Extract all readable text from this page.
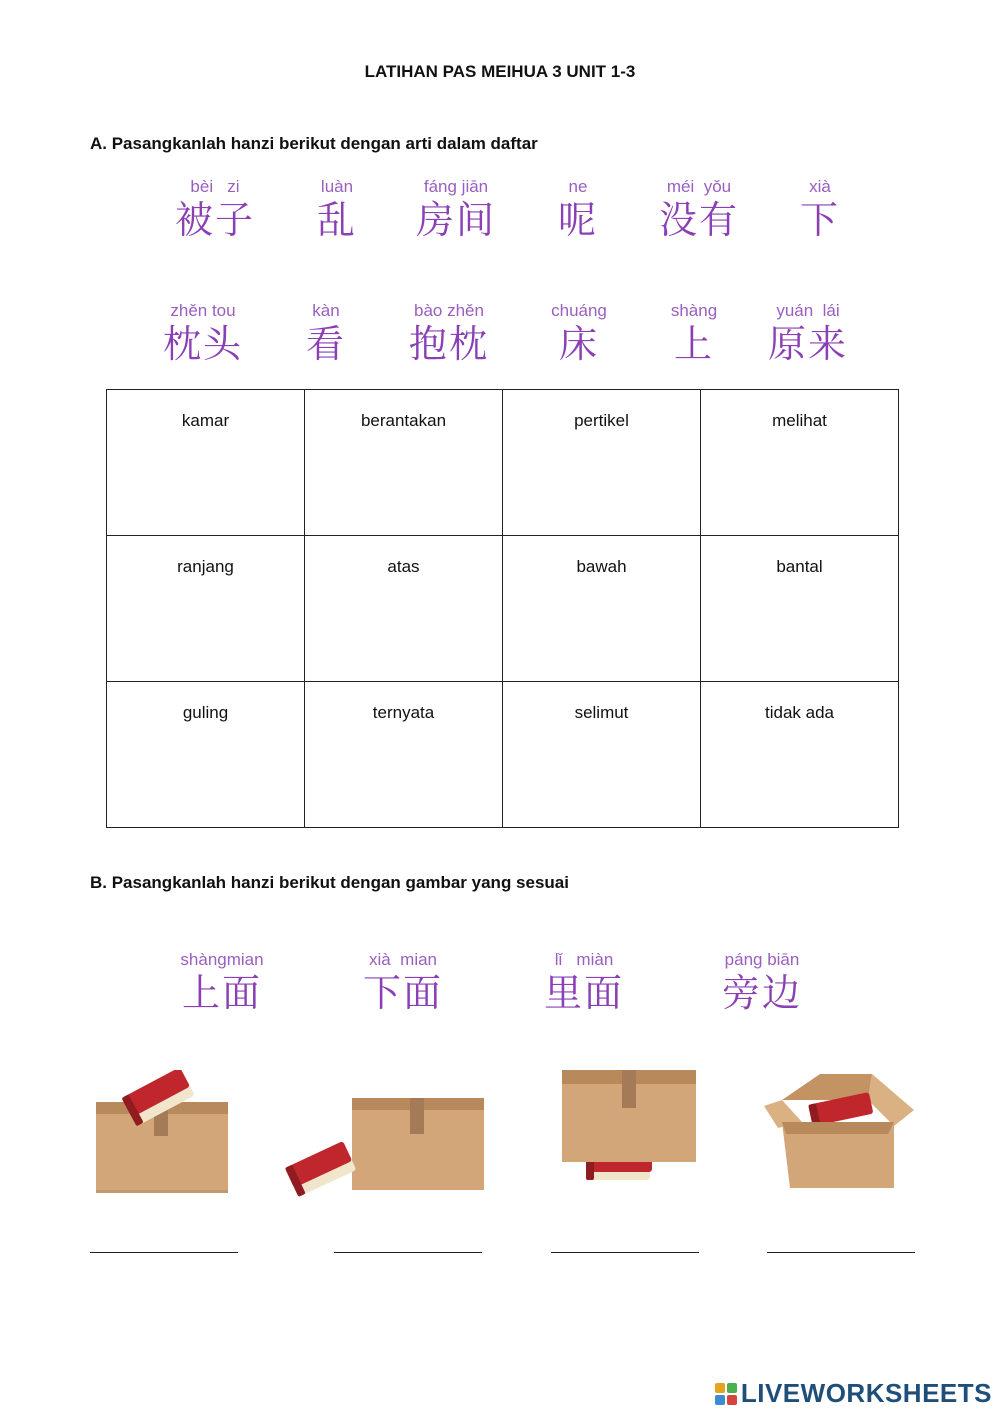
LATIHAN PAS MEIHUA 3 UNIT 1-3
A. Pasangkanlah hanzi berikut dengan arti dalam daftar
bèi   zi
被子
luàn
乱
fáng jiān
房间
ne
呢
méi  yǒu
没有
xià
下
zhěn tou
枕头
kàn
看
bào zhěn
抱枕
chuáng
床
shàng
上
yuán  lái
原来
kamar	berantakan	pertikel	melihat
ranjang	atas	bawah	bantal
guling	ternyata	selimut	tidak ada
B. Pasangkanlah hanzi berikut dengan gambar yang sesuai
shàngmian
上面
xià  mian
下面
lǐ   miàn
里面
páng biān
旁边
LIVEWORKSHEETS
